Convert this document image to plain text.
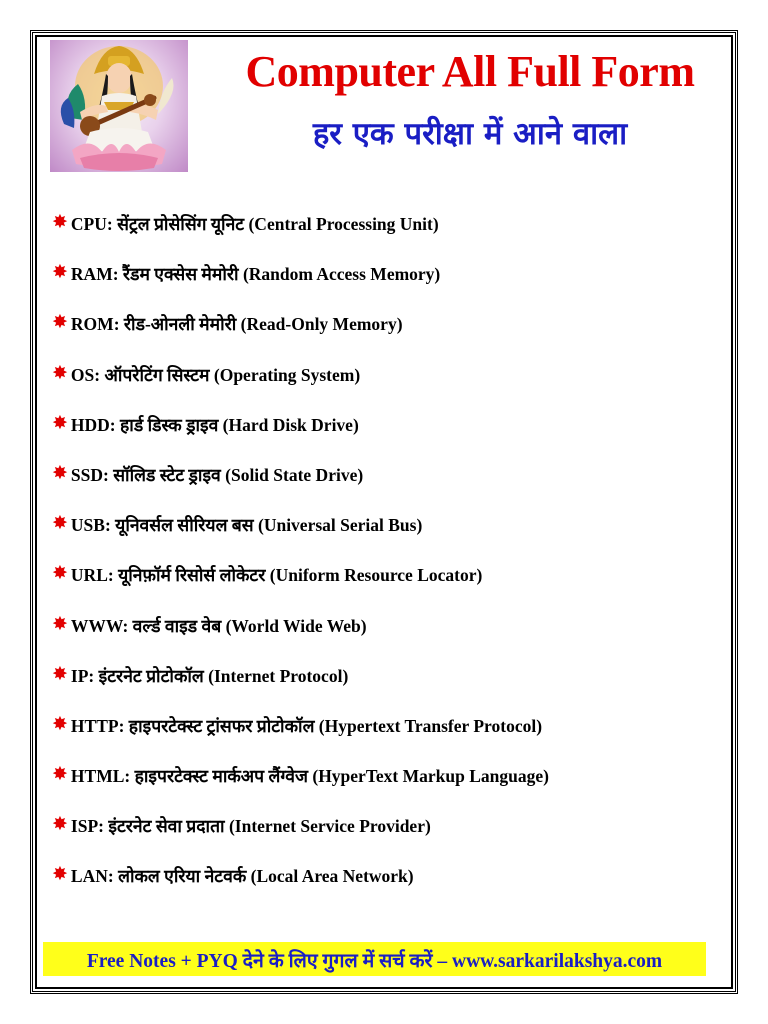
Computer All Full Form
हर एक परीक्षा में आने वाला
✸ CPU: सेंट्रल प्रोसेसिंग यूनिट (Central Processing Unit)
✸ RAM: रैंडम एक्सेस मेमोरी (Random Access Memory)
✸ ROM: रीड-ओनली मेमोरी (Read-Only Memory)
✸ OS: ऑपरेटिंग सिस्टम (Operating System)
✸ HDD: हार्ड डिस्क ड्राइव (Hard Disk Drive)
✸ SSD: सॉलिड स्टेट ड्राइव (Solid State Drive)
✸ USB: यूनिवर्सल सीरियल बस (Universal Serial Bus)
✸ URL: यूनिफ़ॉर्म रिसोर्स लोकेटर (Uniform Resource Locator)
✸ WWW: वर्ल्ड वाइड वेब (World Wide Web)
✸ IP: इंटरनेट प्रोटोकॉल (Internet Protocol)
✸ HTTP: हाइपरटेक्स्ट ट्रांसफर प्रोटोकॉल (Hypertext Transfer Protocol)
✸ HTML: हाइपरटेक्स्ट मार्कअप लैंग्वेज (HyperText Markup Language)
✸ ISP: इंटरनेट सेवा प्रदाता (Internet Service Provider)
✸ LAN: लोकल एरिया नेटवर्क (Local Area Network)
Free Notes + PYQ देने के लिए गुगल में सर्च करें – www.sarkarilakshya.com
